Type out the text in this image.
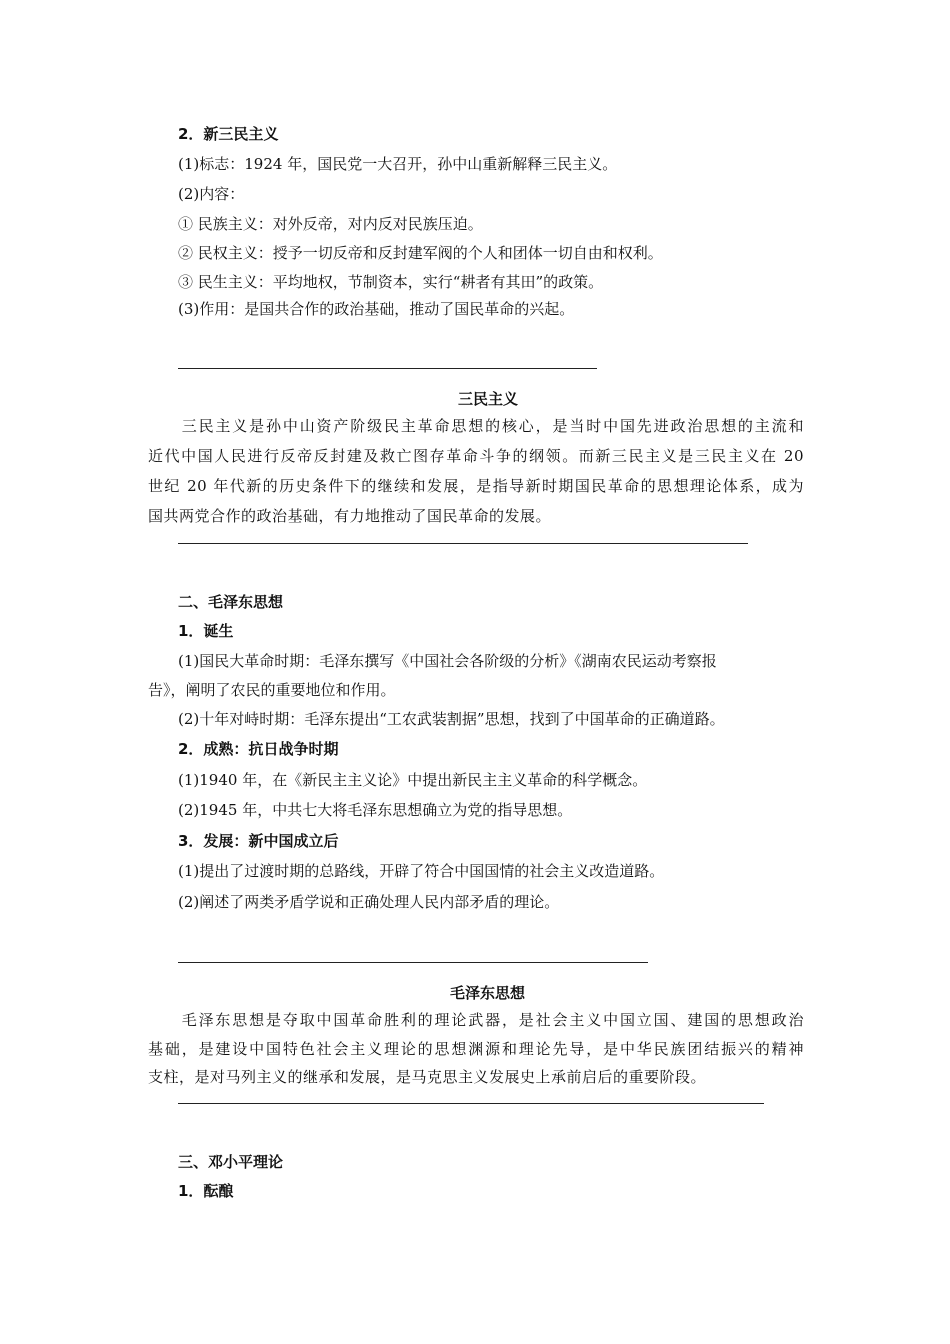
2．新三民主义
(1)标志：1924 年，国民党一大召开，孙中山重新解释三民主义。
(2)内容：
① 民族主义：对外反帝，对内反对民族压迫。
② 民权主义：授予一切反帝和反封建军阀的个人和团体一切自由和权利。
③ 民生主义：平均地权，节制资本，实行“耕者有其田”的政策。
(3)作用：是国共合作的政治基础，推动了国民革命的兴起。
三民主义
　　三民主义是孙中山资产阶级民主革命思想的核心，是当时中国先进政治思想的主流和
近代中国人民进行反帝反封建及救亡图存革命斗争的纲领。而新三民主义是三民主义在 20
世纪 20 年代新的历史条件下的继续和发展，是指导新时期国民革命的思想理论体系，成为
国共两党合作的政治基础，有力地推动了国民革命的发展。
二、毛泽东思想
1．诞生
　　(1)国民大革命时期：毛泽东撰写《中国社会各阶级的分析》《湖南农民运动考察报
告》，阐明了农民的重要地位和作用。
(2)十年对峙时期：毛泽东提出“工农武装割据”思想，找到了中国革命的正确道路。
2．成熟：抗日战争时期
(1)1940 年，在《新民主主义论》中提出新民主主义革命的科学概念。
(2)1945 年，中共七大将毛泽东思想确立为党的指导思想。
3．发展：新中国成立后
(1)提出了过渡时期的总路线，开辟了符合中国国情的社会主义改造道路。
(2)阐述了两类矛盾学说和正确处理人民内部矛盾的理论。
毛泽东思想
　　毛泽东思想是夺取中国革命胜利的理论武器，是社会主义中国立国、建国的思想政治
基础，是建设中国特色社会主义理论的思想渊源和理论先导，是中华民族团结振兴的精神
支柱，是对马列主义的继承和发展，是马克思主义发展史上承前启后的重要阶段。
三、邓小平理论
1．酝酿
